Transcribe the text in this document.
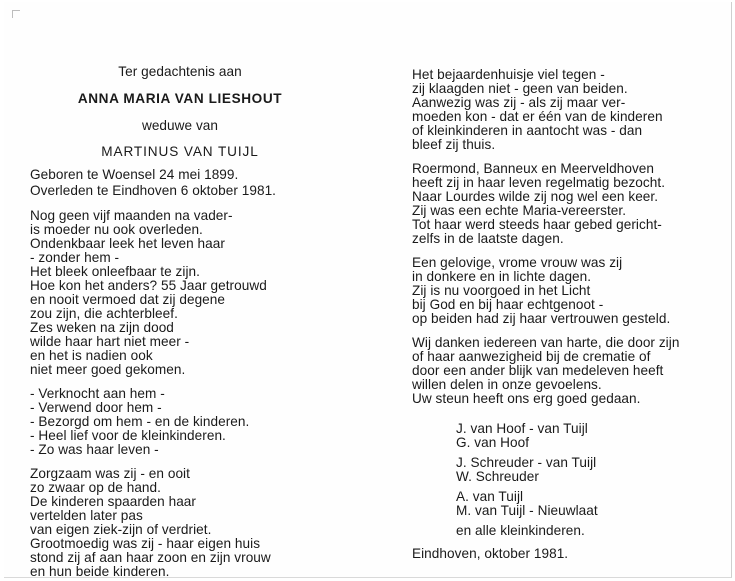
Ter gedachtenis aan
ANNA MARIA VAN LIESHOUT
weduwe van
MARTINUS VAN TUIJL
Geboren te Woensel 24 mei 1899.
Overleden te Eindhoven 6 oktober 1981.
Nog geen vijf maanden na vader-
is moeder nu ook overleden.
Ondenkbaar leek het leven haar
- zonder hem -
Het bleek onleefbaar te zijn.
Hoe kon het anders? 55 Jaar getrouwd
en nooit vermoed dat zij degene
zou zijn, die achterbleef.
Zes weken na zijn dood
wilde haar hart niet meer -
en het is nadien ook
niet meer goed gekomen.
- Verknocht aan hem -
- Verwend door hem -
- Bezorgd om hem - en de kinderen.
- Heel lief voor de kleinkinderen.
- Zo was haar leven -
Zorgzaam was zij - en ooit
zo zwaar op de hand.
De kinderen spaarden haar
vertelden later pas
van eigen ziek-zijn of verdriet.
Grootmoedig was zij - haar eigen huis
stond zij af aan haar zoon en zijn vrouw
en hun beide kinderen.
Het bejaardenhuisje viel tegen -
zij klaagden niet - geen van beiden.
Aanwezig was zij - als zij maar ver-
moeden kon - dat er één van de kinderen
of kleinkinderen in aantocht was - dan
bleef zij thuis.
Roermond, Banneux en Meerveldhoven
heeft zij in haar leven regelmatig bezocht.
Naar Lourdes wilde zij nog wel een keer.
Zij was een echte Maria-vereerster.
Tot haar werd steeds haar gebed gericht-
zelfs in de laatste dagen.
Een gelovige, vrome vrouw was zij
in donkere en in lichte dagen.
Zij is nu voorgoed in het Licht
bij God en bij haar echtgenoot -
op beiden had zij haar vertrouwen gesteld.
Wij danken iedereen van harte, die door zijn
of haar aanwezigheid bij de crematie of
door een ander blijk van medeleven heeft
willen delen in onze gevoelens.
Uw steun heeft ons erg goed gedaan.
J. van Hoof - van Tuijl
G. van Hoof
J. Schreuder - van Tuijl
W. Schreuder
A. van Tuijl
M. van Tuijl - Nieuwlaat
en alle kleinkinderen.
Eindhoven, oktober 1981.
